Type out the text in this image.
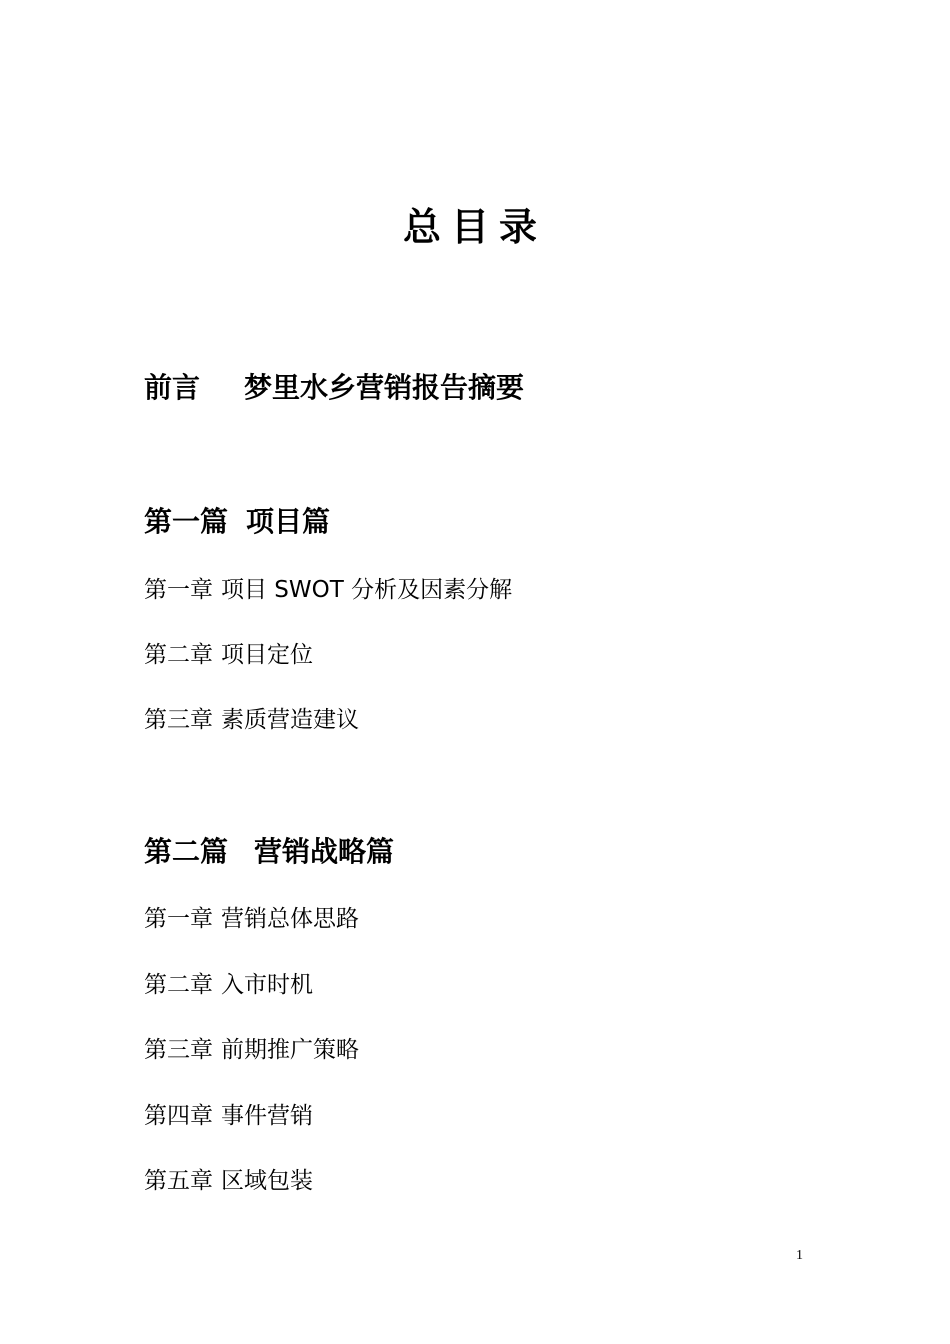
总目录
前言 梦里水乡营销报告摘要
第一篇 项目篇
第一章 项目 SWOT 分析及因素分解
第二章 项目定位
第三章 素质营造建议
第二篇 营销战略篇
第一章 营销总体思路
第二章 入市时机
第三章 前期推广策略
第四章 事件营销
第五章 区域包装
1
